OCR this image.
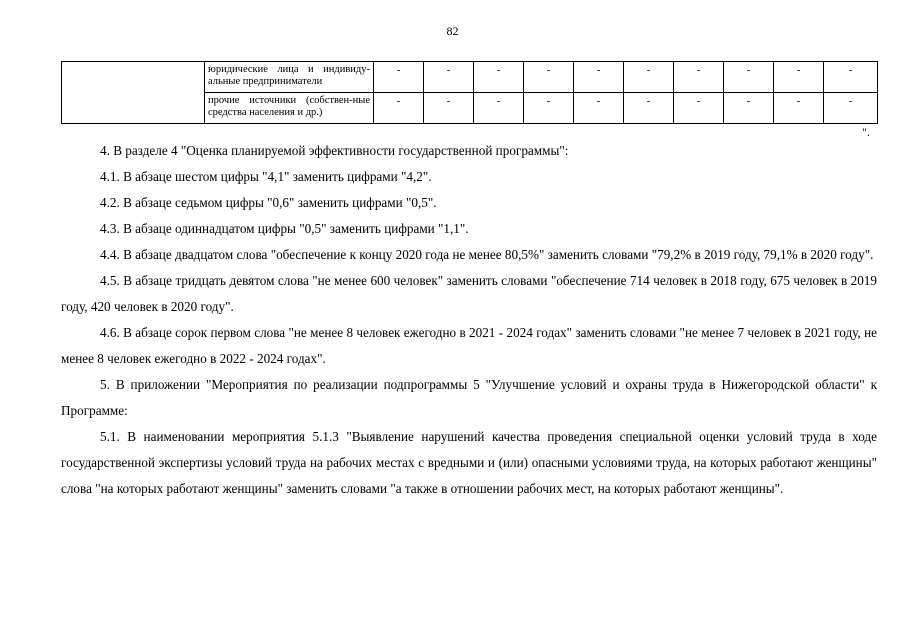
82
	юридические лица и индивиду-альные предприниматели	-	-	-	-	-	-	-	-	-	-
	прочие источники (собствен-ные средства населения и др.)	-	-	-	-	-	-	-	-	-	-
".

4. В разделе 4 "Оценка планируемой эффективности государственной программы":

4.1. В абзаце шестом цифры "4,1" заменить цифрами "4,2".

4.2. В абзаце седьмом цифры "0,6" заменить цифрами "0,5".

4.3. В абзаце одиннадцатом цифры "0,5" заменить цифрами "1,1".

4.4. В абзаце двадцатом слова "обеспечение к концу 2020 года не менее 80,5%" заменить словами "79,2% в 2019 году, 79,1% в 2020 году".

4.5. В абзаце тридцать девятом слова "не менее 600 человек" заменить словами "обеспечение 714 человек в 2018 году, 675 человек в 2019 году, 420 человек в 2020 году".

4.6. В абзаце сорок первом слова "не менее 8 человек ежегодно в 2021 - 2024 годах" заменить словами "не менее 7 человек в 2021 году, не менее 8 человек ежегодно в 2022 - 2024 годах".

5. В приложении "Мероприятия по реализации подпрограммы 5 "Улучшение условий и охраны труда в Нижегородской области" к Программе:

5.1. В наименовании мероприятия 5.1.3 "Выявление нарушений качества проведения специальной оценки условий труда в ходе государственной экспертизы условий труда на рабочих местах с вредными и (или) опасными условиями труда, на которых работают женщины" слова "на которых работают женщины" заменить словами "а также в отношении рабочих мест, на которых работают женщины".
